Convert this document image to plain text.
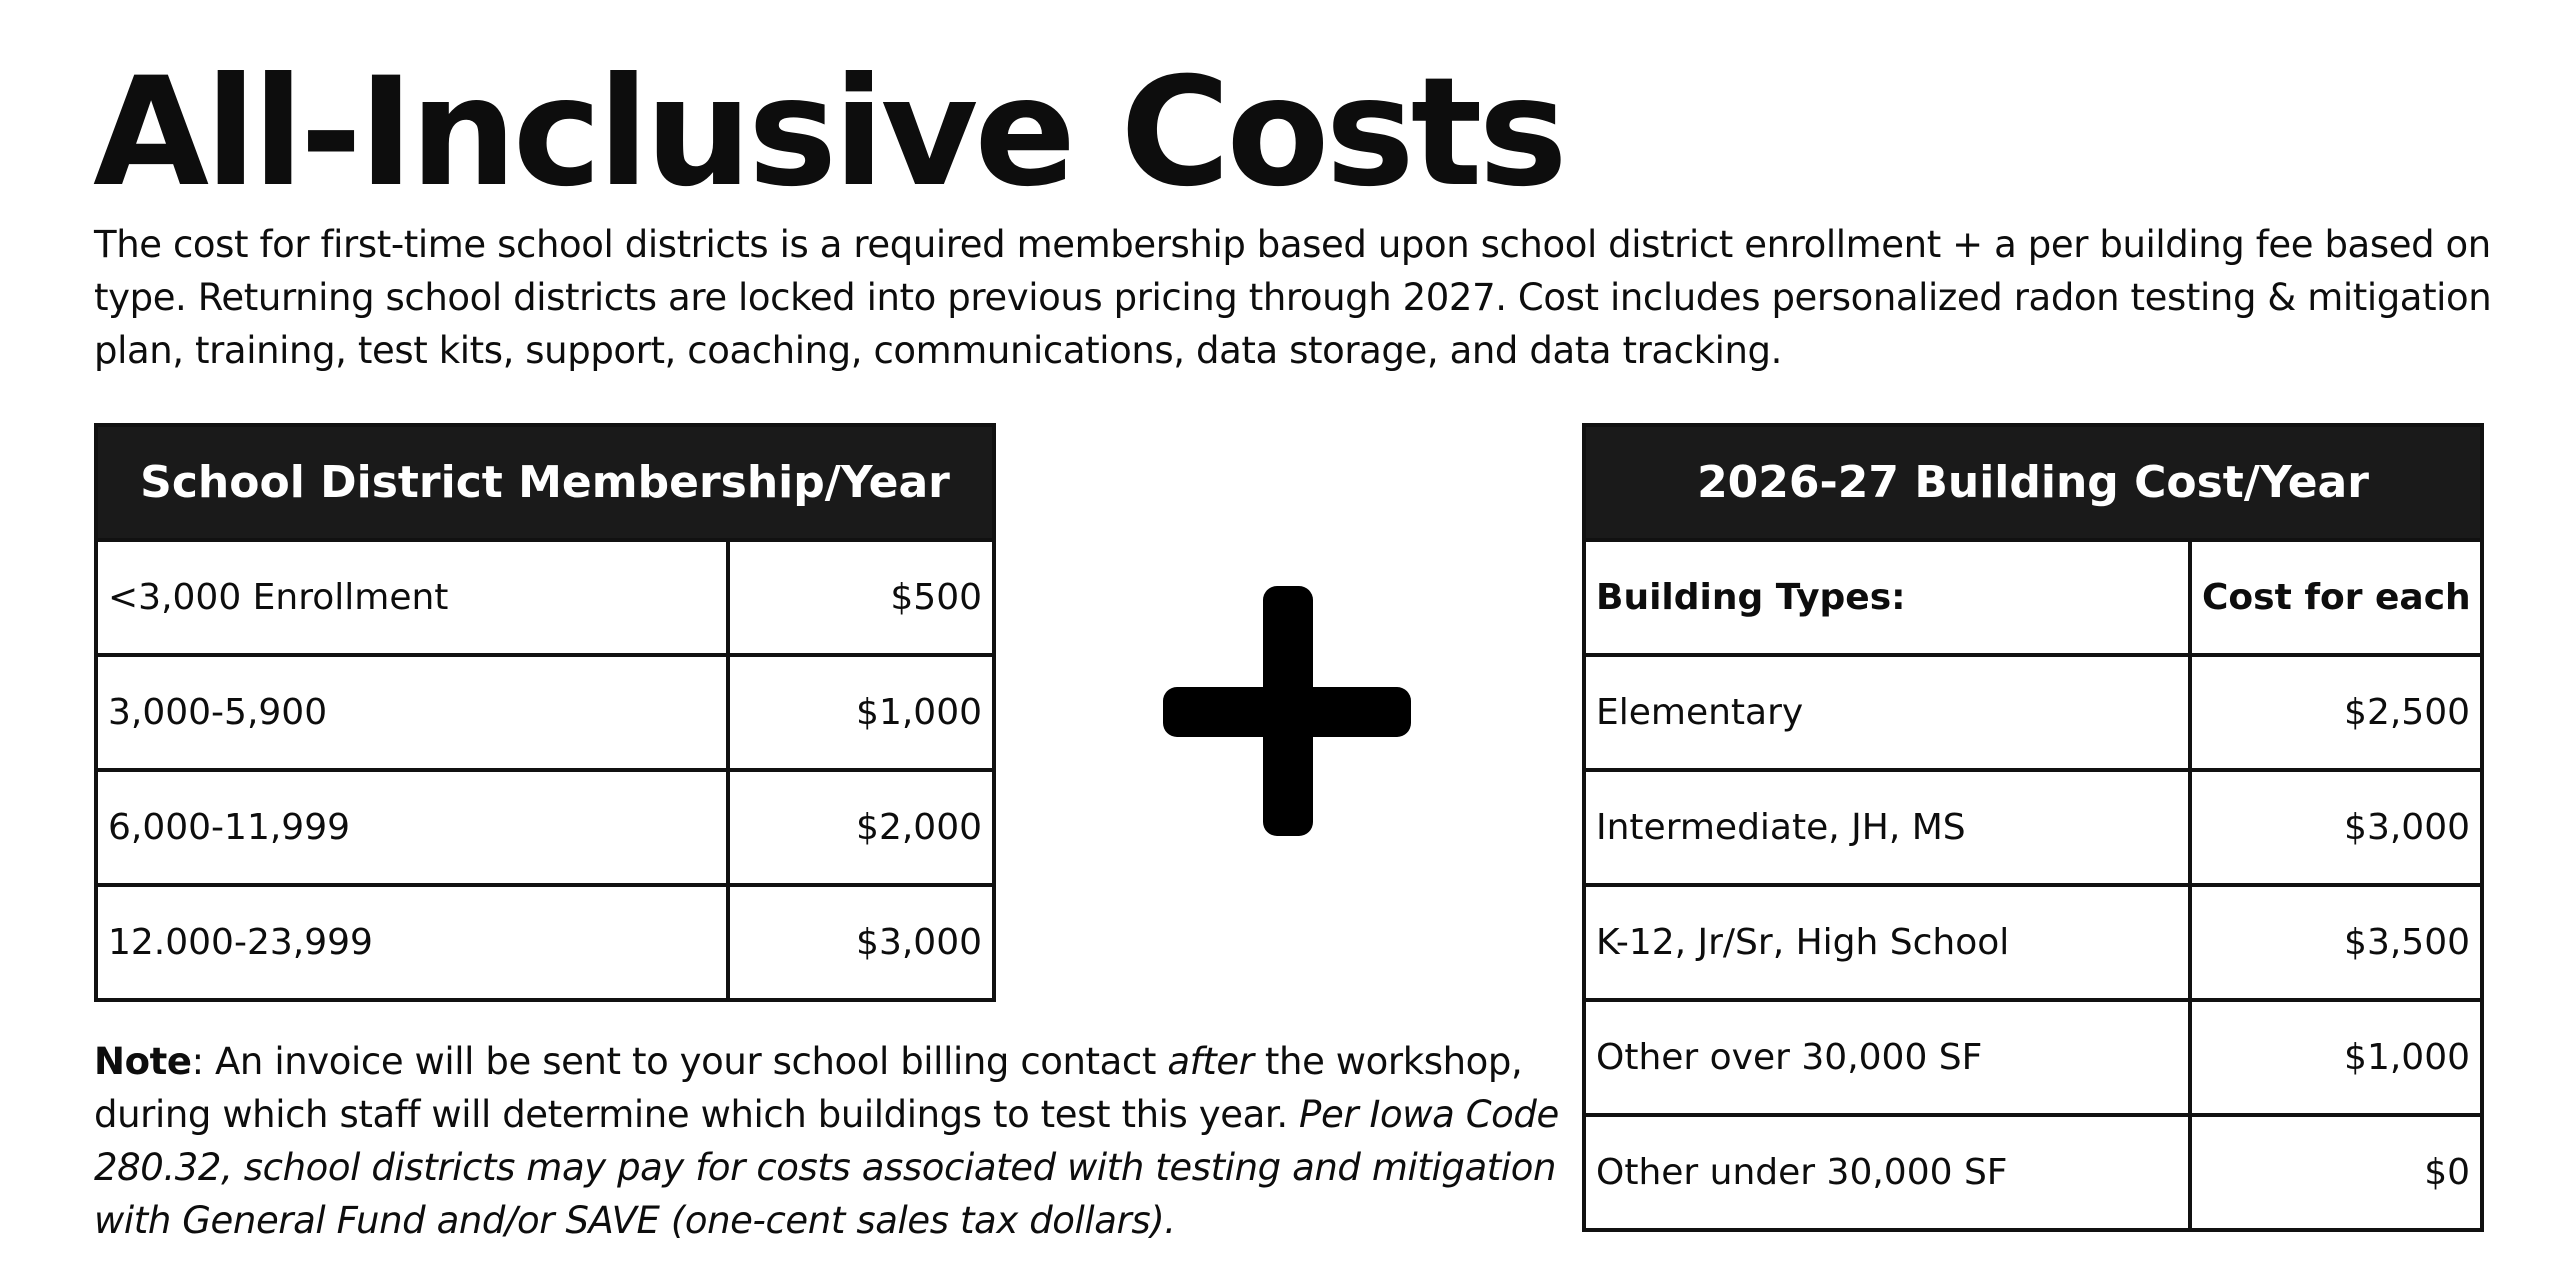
All-Inclusive Costs

The cost for first-time school districts is a required membership based upon school district enrollment + a per building fee based on type. Returning school districts are locked into previous pricing through 2027. Cost includes personalized radon testing & mitigation plan, training, test kits, support, coaching, communications, data storage, and data tracking.

School District Membership/Year	
<3,000 Enrollment	$500
3,000-5,900	$1,000
6,000-11,999	$2,000
12.000-23,999	$3,000
2026-27 Building Cost/Year	
Building Types:	Cost for each
Elementary	$2,500
Intermediate, JH, MS	$3,000
K-12, Jr/Sr, High School	$3,500
Other over 30,000 SF	$1,000
Other under 30,000 SF	$0

Note: An invoice will be sent to your school billing contact after the workshop, during which staff will determine which buildings to test this year. Per Iowa Code 280.32, school districts may pay for costs associated with testing and mitigation with General Fund and/or SAVE (one-cent sales tax dollars).
